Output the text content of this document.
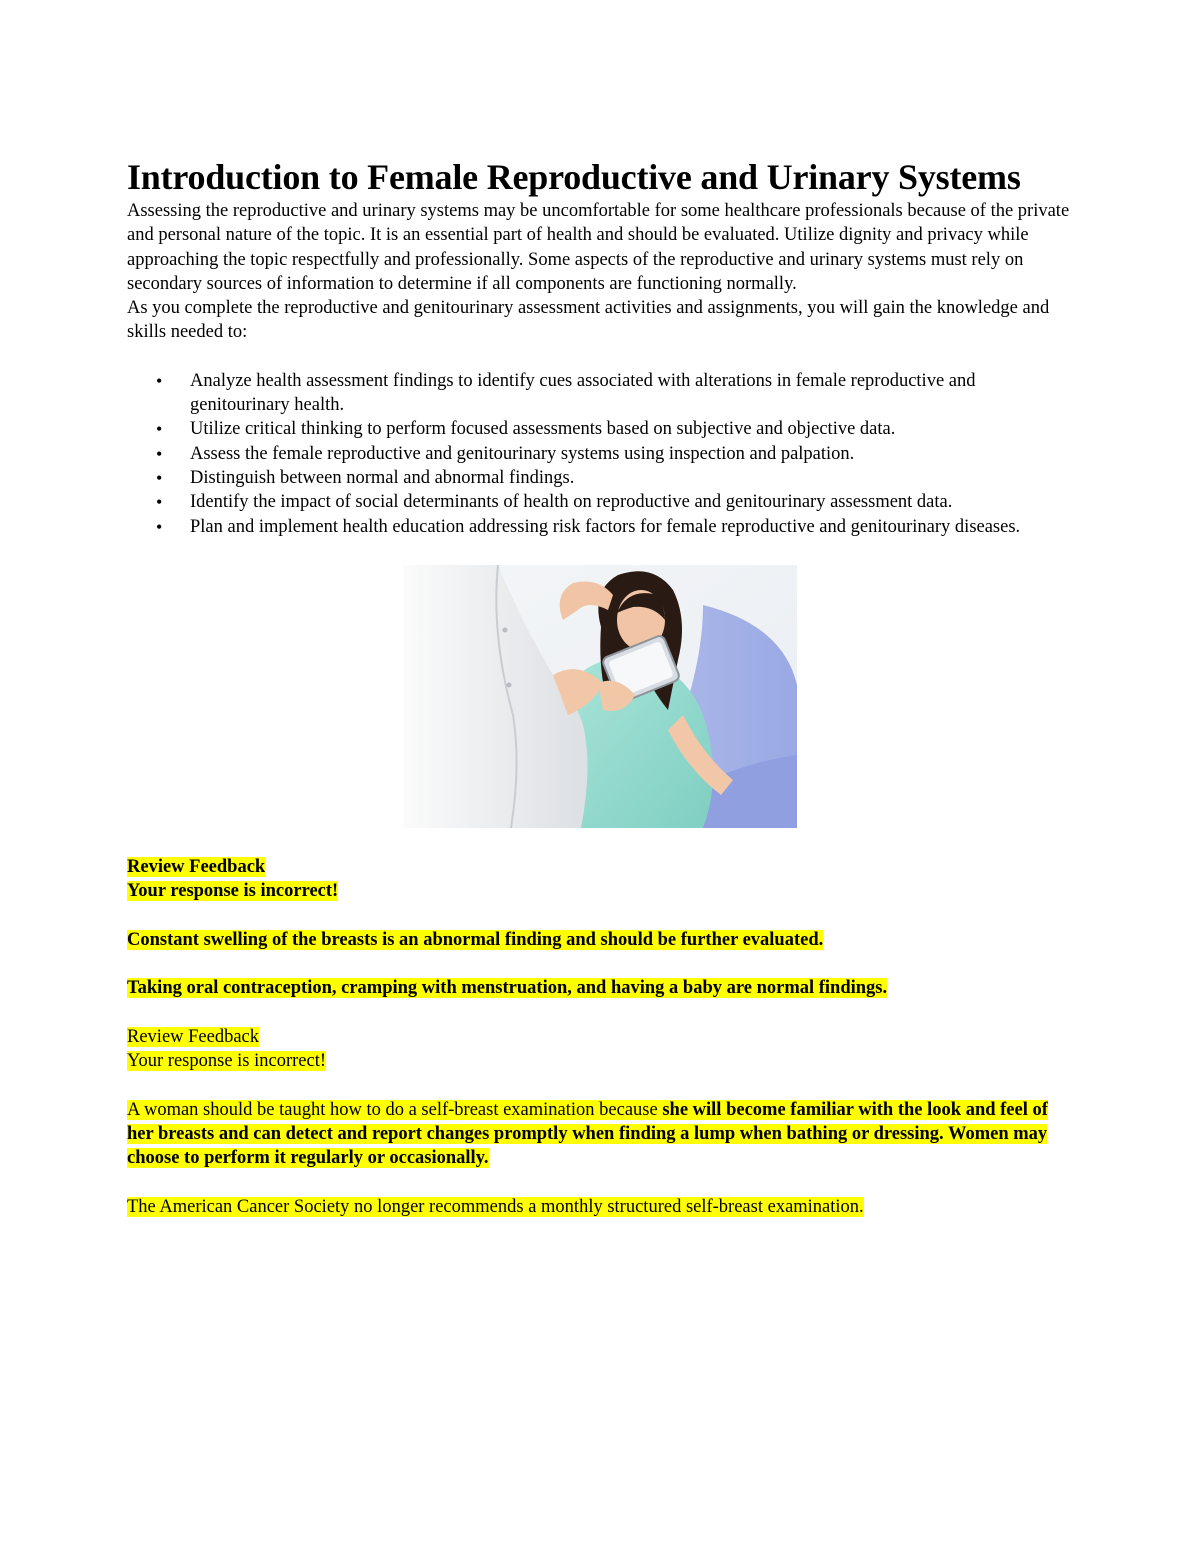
Introduction to Female Reproductive and Urinary Systems

Assessing the reproductive and urinary systems may be uncomfortable for some healthcare professionals because of the private and personal nature of the topic. It is an essential part of health and should be evaluated. Utilize dignity and privacy while approaching the topic respectfully and professionally. Some aspects of the reproductive and urinary systems must rely on secondary sources of information to determine if all components are functioning normally.

As you complete the reproductive and genitourinary assessment activities and assignments, you will gain the knowledge and skills needed to:

• Analyze health assessment findings to identify cues associated with alterations in female reproductive and genitourinary health.
• Utilize critical thinking to perform focused assessments based on subjective and objective data.
• Assess the female reproductive and genitourinary systems using inspection and palpation.
• Distinguish between normal and abnormal findings.
• Identify the impact of social determinants of health on reproductive and genitourinary assessment data.
• Plan and implement health education addressing risk factors for female reproductive and genitourinary diseases.
Review Feedback
Your response is incorrect!
Constant swelling of the breasts is an abnormal finding and should be further evaluated.
Taking oral contraception, cramping with menstruation, and having a baby are normal findings.
Review Feedback
Your response is incorrect!
A woman should be taught how to do a self-breast examination because she will become familiar with the look and feel of her breasts and can detect and report changes promptly when finding a lump when bathing or dressing. Women may choose to perform it regularly or occasionally.
The American Cancer Society no longer recommends a monthly structured self-breast examination.
